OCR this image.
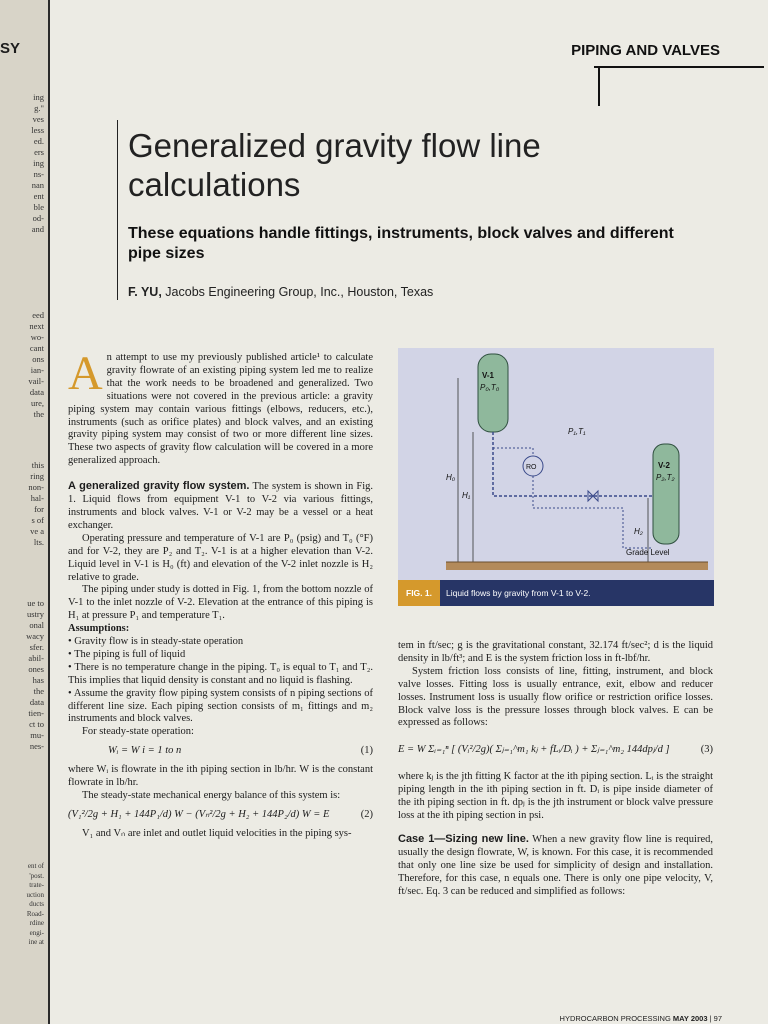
SY
ing
g."
ves
less
ed.
ers
ing
ns-
nan
ent
ble
od-
and
eed
next
wo-
cant
ons
ian-
vail-
data
ure,
the
this
ring
non-
hal-
for
s of
ve a
lts.
ue to
ustry
onal
wacy
sfer.
abil-
ones
has
the
data
tien-
ct to
mu-
nes-
ent of
'post.
trate-
uction
ducts
Road-
rdine
engi-
ine at
PIPING AND VALVES
Generalized gravity flow line calculations
These equations handle fittings, instruments, block valves and different pipe sizes
F. YU, Jacobs Engineering Group, Inc., Houston, Texas

An attempt to use my previously published article¹ to calculate gravity flowrate of an existing piping system led me to realize that the work needs to be broadened and generalized. Two situations were not covered in the previous article: a gravity piping system may contain various fittings (elbows, reducers, etc.), instruments (such as orifice plates) and block valves, and an existing gravity piping system may consist of two or more different line sizes. These two aspects of gravity flow calculation will be covered in a more generalized approach.

A generalized gravity flow system. The system is shown in Fig. 1. Liquid flows from equipment V-1 to V-2 via various fittings, instruments and block valves. V-1 or V-2 may be a vessel or a heat exchanger.

Operating pressure and temperature of V-1 are P₀ (psig) and T₀ (°F) and for V-2, they are P₂ and T₂. V-1 is at a higher elevation than V-2. Liquid level in V-1 is H₀ (ft) and elevation of the V-2 inlet nozzle is H₂ relative to grade.

The piping under study is dotted in Fig. 1, from the bottom nozzle of V-1 to the inlet nozzle of V-2. Elevation at the entrance of this piping is H₁ at pressure P₁ and temperature T₁.

Assumptions:

• Gravity flow is in steady-state operation

• The piping is full of liquid

• There is no temperature change in the piping. T₀ is equal to T₁ and T₂. This implies that liquid density is constant and no liquid is flashing.

• Assume the gravity flow piping system consists of n piping sections of different line size. Each piping section consists of m₁ fittings and m₂ instruments and block valves.

For steady-state operation:

Wᵢ = W i = 1 to n	(1)

where Wᵢ is flowrate in the ith piping section in lb/hr. W is the constant flowrate in lb/hr.

The steady-state mechanical energy balance of this system is:

(V₁²/2g + H₁ + 144P₁/d) W − (Vₙ²/2g + H₂ + 144P₂/d) W = E	(2)

V₁ and Vₙ are inlet and outlet liquid velocities in the piping sys-

V-1
P₀,T₀
V-2
P₂,T₂
P₁,T₁
RO
H₀
H₁
H₂
Grade Level
FIG. 1. Liquid flows by gravity from V-1 to V-2.

tem in ft/sec; g is the gravitational constant, 32.174 ft/sec²; d is the liquid density in lb/ft³; and E is the system friction loss in ft-lbf/hr.

System friction loss consists of line, fitting, instrument, and block valve losses. Fitting loss is usually entrance, exit, elbow and reducer losses. Instrument loss is usually flow orifice or restriction orifice losses. Block valve loss is the pressure losses through block valves. E can be expressed as follows:

E = W Σᵢ₌₁ⁿ [ (Vᵢ²/2g)( Σⱼ₌₁^m₁ kⱼ + fLᵢ/Dᵢ ) + Σⱼ₌₁^m₂ 144dpⱼ/d ]	(3)

where kⱼ is the jth fitting K factor at the ith piping section. Lᵢ is the straight piping length in the ith piping section in ft. Dᵢ is pipe inside diameter of the ith piping section in ft. dpⱼ is the jth instrument or block valve pressure loss at the ith piping section in psi.

Case 1—Sizing new line. When a new gravity flow line is required, usually the design flowrate, W, is known. For this case, it is recommended that only one line size be used for simplicity of design and installation. Therefore, for this case, n equals one. There is only one pipe velocity, V, ft/sec. Eq. 3 can be reduced and simplified as follows:

HYDROCARBON PROCESSING MAY 2003 | 97
